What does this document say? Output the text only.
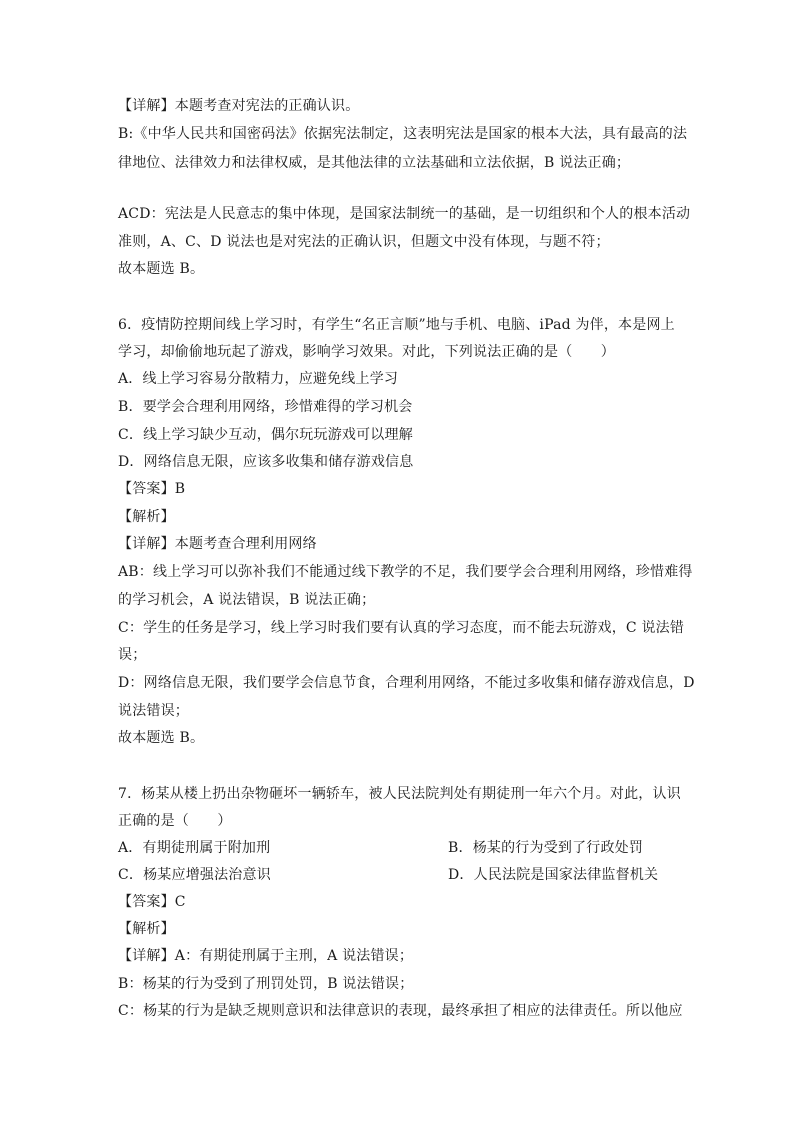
【详解】本题考查对宪法的正确认识。
B:《中华人民共和国密码法》依据宪法制定，这表明宪法是国家的根本大法，具有最高的法
律地位、法律效力和法律权威，是其他法律的立法基础和立法依据，B 说法正确；
ACD：宪法是人民意志的集中体现，是国家法制统一的基础，是一切组织和个人的根本活动
准则，A、C、D 说法也是对宪法的正确认识，但题文中没有体现，与题不符；
故本题选 B。
6．疫情防控期间线上学习时，有学生“名正言顺”地与手机、电脑、iPad 为伴，本是网上
学习，却偷偷地玩起了游戏，影响学习效果。对此，下列说法正确的是（　　）
A．线上学习容易分散精力，应避免线上学习
B．要学会合理利用网络，珍惜难得的学习机会
C．线上学习缺少互动，偶尔玩玩游戏可以理解
D．网络信息无限，应该多收集和储存游戏信息
【答案】B
【解析】
【详解】本题考查合理利用网络
AB：线上学习可以弥补我们不能通过线下教学的不足，我们要学会合理利用网络，珍惜难得
的学习机会，A 说法错误，B 说法正确；
C：学生的任务是学习，线上学习时我们要有认真的学习态度，而不能去玩游戏，C 说法错
误；
D：网络信息无限，我们要学会信息节食，合理利用网络，不能过多收集和储存游戏信息，D
说法错误；
故本题选 B。
7．杨某从楼上扔出杂物砸坏一辆轿车，被人民法院判处有期徒刑一年六个月。对此，认识
正确的是（　　）
A．有期徒刑属于附加刑	B．杨某的行为受到了行政处罚
C．杨某应增强法治意识	D．人民法院是国家法律监督机关
【答案】C
【解析】
【详解】A：有期徒刑属于主刑，A 说法错误；
B：杨某的行为受到了刑罚处罚，B 说法错误；
C：杨某的行为是缺乏规则意识和法律意识的表现，最终承担了相应的法律责任。所以他应
